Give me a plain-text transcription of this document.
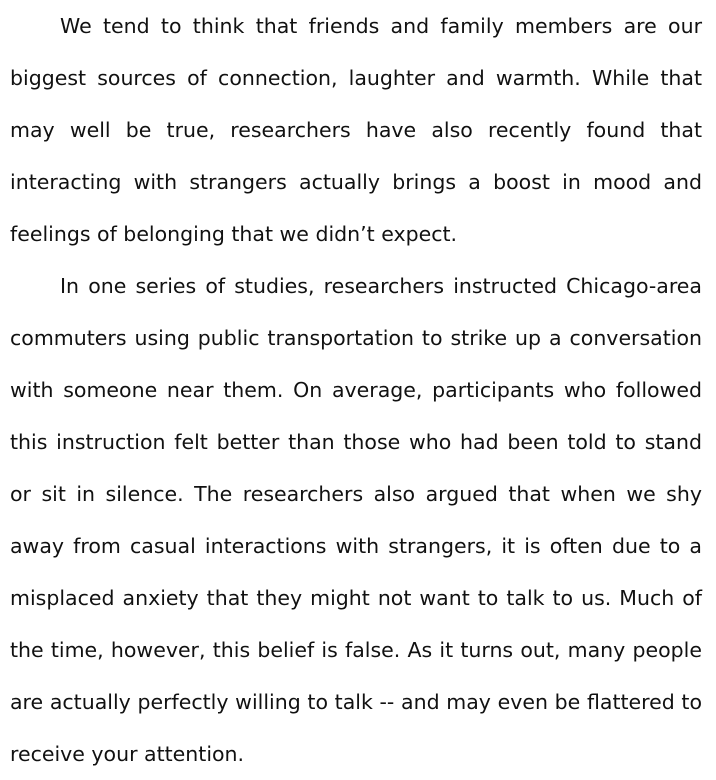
We tend to think that friends and family members are our biggest sources of connection, laughter and warmth. While that may well be true, researchers have also recently found that interacting with strangers actually brings a boost in mood and feelings of belonging that we didn’t expect.

In one series of studies, researchers instructed Chicago-area commuters using public transportation to strike up a conversation with someone near them. On average, participants who followed this instruction felt better than those who had been told to stand or sit in silence. The researchers also argued that when we shy away from casual interactions with strangers, it is often due to a misplaced anxiety that they might not want to talk to us. Much of the time, however, this belief is false. As it turns out, many people are actually perfectly willing to talk -- and may even be flattered to receive your attention.
